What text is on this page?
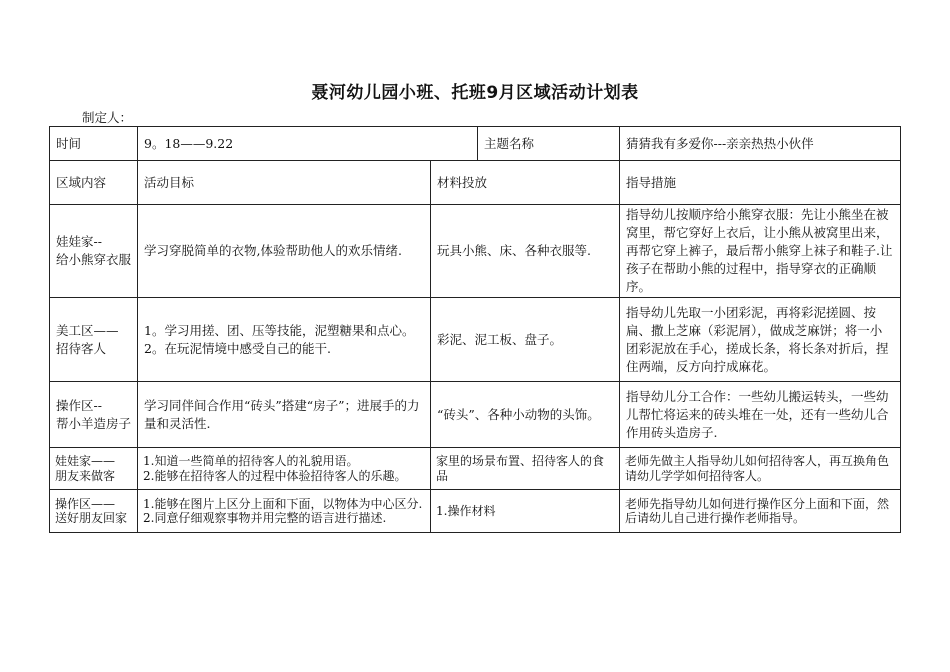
聂河幼儿园小班、托班9月区域活动计划表
制定人：
时间	9。18——9.22		主题名称	猜猜我有多爱你---亲亲热热小伙伴
区域内容	活动目标	材料投放		指导措施
娃娃家--
给小熊穿衣服	学习穿脱简单的衣物,体验帮助他人的欢乐情绪.	玩具小熊、床、各种衣服等.		指导幼儿按顺序给小熊穿衣服：先让小熊坐在被窝里，帮它穿好上衣后，让小熊从被窝里出来，再帮它穿上裤子，最后帮小熊穿上袜子和鞋子.让孩子在帮助小熊的过程中，指导穿衣的正确顺序。
美工区——
招待客人	1。学习用搓、团、压等技能，泥塑糖果和点心。
2。在玩泥情境中感受自己的能干.	彩泥、泥工板、盘子。		指导幼儿先取一小团彩泥，再将彩泥搓圆、按扁、撒上芝麻（彩泥屑），做成芝麻饼；将一小团彩泥放在手心，搓成长条，将长条对折后，捏住两端，反方向拧成麻花。
操作区--
帮小羊造房子	学习同伴间合作用“砖头”搭建“房子”；进展手的力量和灵活性.	“砖头”、各种小动物的头饰。		指导幼儿分工合作：一些幼儿搬运转头，一些幼儿帮忙将运来的砖头堆在一处，还有一些幼儿合作用砖头造房子.
娃娃家——
朋友来做客	1.知道一些简单的招待客人的礼貌用语。
2.能够在招待客人的过程中体验招待客人的乐趣。	家里的场景布置、招待客人的食品		老师先做主人指导幼儿如何招待客人，再互换角色请幼儿学学如何招待客人。
操作区——
送好朋友回家	1.能够在图片上区分上面和下面，以物体为中心区分.
2.同意仔细观察事物并用完整的语言进行描述.	1.操作材料		老师先指导幼儿如何进行操作区分上面和下面，然后请幼儿自己进行操作老师指导。
